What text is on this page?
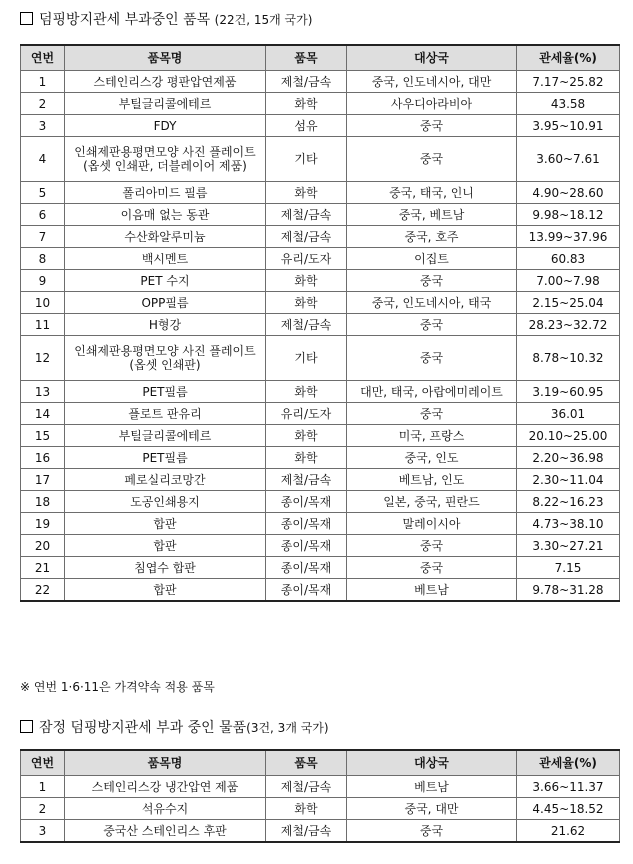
덤핑방지관세 부과중인 품목 (22건, 15개 국가)
연번	품목명	품목	대상국	관세율(%)
1	스테인리스강 평판압연제품	제철/금속	중국, 인도네시아, 대만	7.17~25.82
2	부틸글리콜에테르	화학	사우디아라비아	43.58
3	FDY	섬유	중국	3.95~10.91
4	인쇄제판용평면모양 사진 플레이트
(옵셋 인쇄판, 더블레이어 제품)	기타	중국	3.60~7.61
5	폴리아미드 필름	화학	중국, 태국, 인니	4.90~28.60
6	이음매 없는 동관	제철/금속	중국, 베트남	9.98~18.12
7	수산화알루미늄	제철/금속	중국, 호주	13.99~37.96
8	백시멘트	유리/도자	이집트	60.83
9	PET 수지	화학	중국	7.00~7.98
10	OPP필름	화학	중국, 인도네시아, 태국	2.15~25.04
11	H형강	제철/금속	중국	28.23~32.72
12	인쇄제판용평면모양 사진 플레이트
(옵셋 인쇄판)	기타	중국	8.78~10.32
13	PET필름	화학	대만, 태국, 아랍에미레이트	3.19~60.95
14	플로트 판유리	유리/도자	중국	36.01
15	부틸글리콜에테르	화학	미국, 프랑스	20.10~25.00
16	PET필름	화학	중국, 인도	2.20~36.98
17	페로실리코망간	제철/금속	베트남, 인도	2.30~11.04
18	도공인쇄용지	종이/목재	일본, 중국, 핀란드	8.22~16.23
19	합판	종이/목재	말레이시아	4.73~38.10
20	합판	종이/목재	중국	3.30~27.21
21	침엽수 합판	종이/목재	중국	7.15
22	합판	종이/목재	베트남	9.78~31.28
※ 연번 1·6·11은 가격약속 적용 품목
잠정 덤핑방지관세 부과 중인 물품(3건, 3개 국가)
연번	품목명	품목	대상국	관세율(%)
1	스테인리스강 냉간압연 제품	제철/금속	베트남	3.66~11.37
2	석유수지	화학	중국, 대만	4.45~18.52
3	중국산 스테인리스 후판	제철/금속	중국	21.62
